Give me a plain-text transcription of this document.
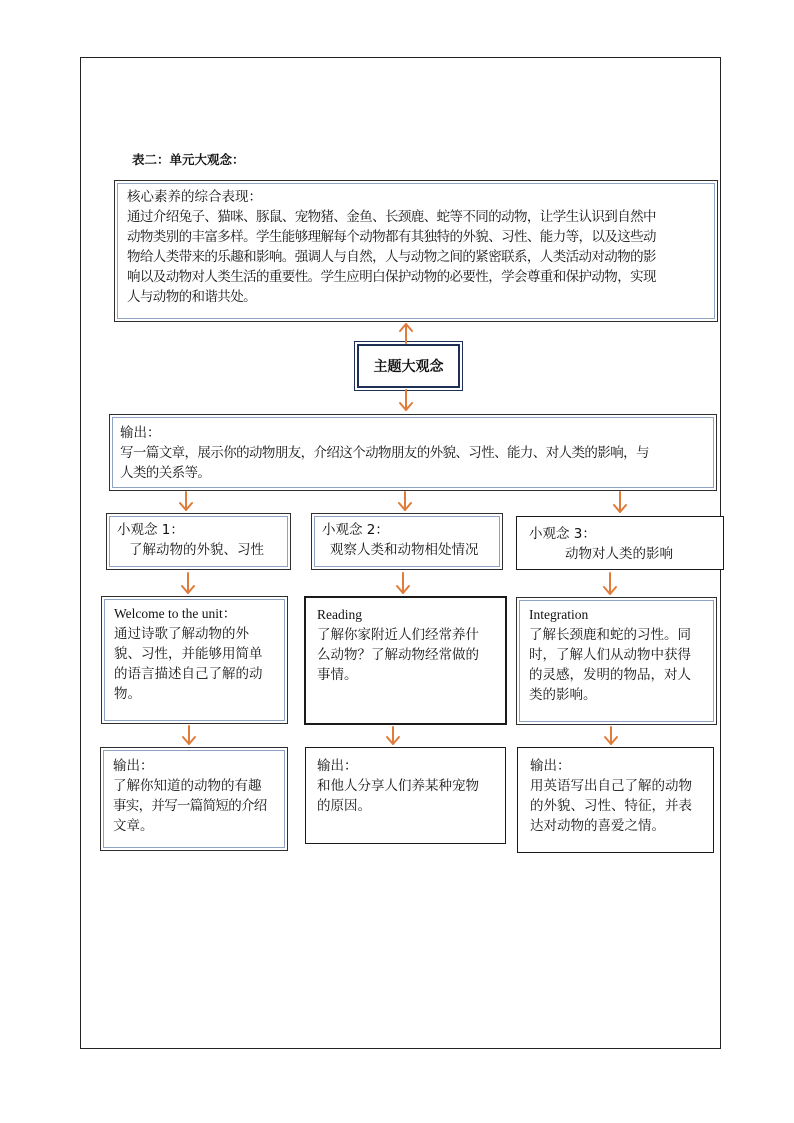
表二：单元大观念：

核心素养的综合表现：

通过介绍兔子、猫咪、豚鼠、宠物猪、金鱼、长颈鹿、蛇等不同的动物，让学生认识到自然中

动物类别的丰富多样。学生能够理解每个动物都有其独特的外貌、习性、能力等，以及这些动

物给人类带来的乐趣和影响。强调人与自然，人与动物之间的紧密联系，人类活动对动物的影

响以及动物对人类生活的重要性。学生应明白保护动物的必要性，学会尊重和保护动物，实现

人与动物的和谐共处。

主题大观念

输出：

写一篇文章，展示你的动物朋友，介绍这个动物朋友的外貌、习性、能力、对人类的影响，与

人类的关系等。

小观念 1：

了解动物的外貌、习性

小观念 2：

观察人类和动物相处情况

小观念 3：

动物对人类的影响

Welcome to the unit：

通过诗歌了解动物的外

貌、习性，并能够用简单

的语言描述自己了解的动

物。

Reading

了解你家附近人们经常养什

么动物？了解动物经常做的

事情。

Integration

了解长颈鹿和蛇的习性。同

时，了解人们从动物中获得

的灵感，发明的物品，对人

类的影响。

输出：

了解你知道的动物的有趣

事实，并写一篇简短的介绍

文章。

输出：

和他人分享人们养某种宠物

的原因。

输出：

用英语写出自己了解的动物

的外貌、习性、特征，并表

达对动物的喜爱之情。
